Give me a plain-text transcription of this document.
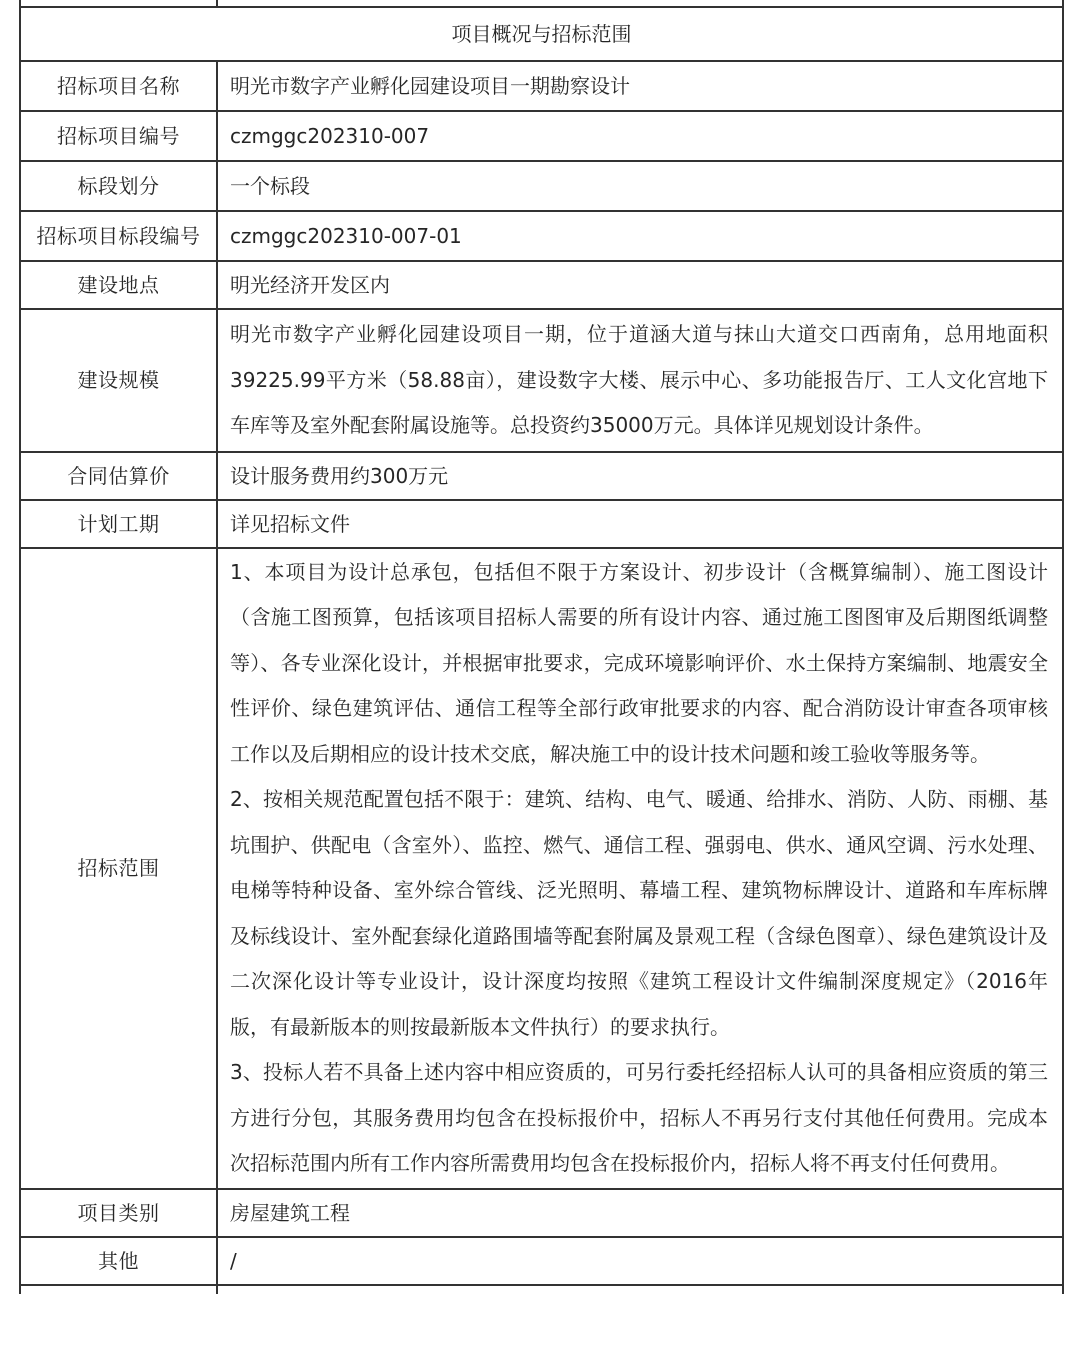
项目概况与招标范围	
招标项目名称	明光市数字产业孵化园建设项目一期勘察设计
招标项目编号	czmggc202310-007
标段划分	一个标段
招标项目标段编号	czmggc202310-007-01
建设地点	明光经济开发区内
建设规模	明光市数字产业孵化园建设项目一期，位于道涵大道与抹山大道交口西南角，总用地面积 39225.99平方米（58.88亩），建设数字大楼、展示中心、多功能报告厅、工人文化宫地下车库等及室外配套附属设施等。总投资约35000万元。具体详见规划设计条件。
合同估算价	设计服务费用约300万元
计划工期	详见招标文件
招标范围	1、本项目为设计总承包，包括但不限于方案设计、初步设计（含概算编制）、施工图设计（含施工图预算，包括该项目招标人需要的所有设计内容、通过施工图图审及后期图纸调整等）、各专业深化设计，并根据审批要求，完成环境影响评价、水土保持方案编制、地震安全性评价、绿色建筑评估、通信工程等全部行政审批要求的内容、配合消防设计审查各项审核工作以及后期相应的设计技术交底，解决施工中的设计技术问题和竣工验收等服务等。
2、按相关规范配置包括不限于：建筑、结构、电气、暖通、给排水、消防、人防、雨棚、基坑围护、供配电（含室外）、监控、燃气、通信工程、强弱电、供水、通风空调、污水处理、电梯等特种设备、室外综合管线、泛光照明、幕墙工程、建筑物标牌设计、道路和车库标牌及标线设计、室外配套绿化道路围墙等配套附属及景观工程（含绿色图章）、绿色建筑设计及二次深化设计等专业设计，设计深度均按照《建筑工程设计文件编制深度规定》（2016年版，有最新版本的则按最新版本文件执行）的要求执行。
3、投标人若不具备上述内容中相应资质的，可另行委托经招标人认可的具备相应资质的第三方进行分包，其服务费用均包含在投标报价中，招标人不再另行支付其他任何费用。完成本次招标范围内所有工作内容所需费用均包含在投标报价内，招标人将不再支付任何费用。

项目类别	房屋建筑工程
其他	/
